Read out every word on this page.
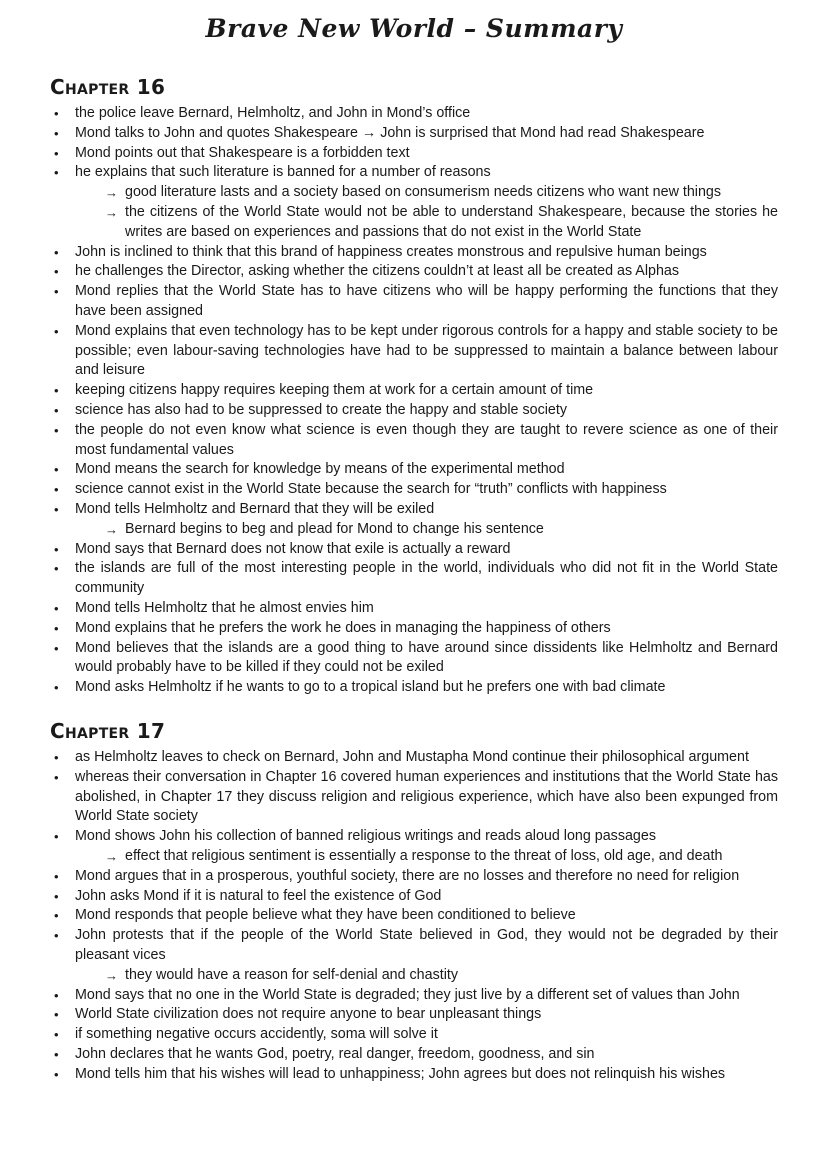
Brave New World – Summary
Chapter 16
• the police leave Bernard, Helmholtz, and John in Mond’s office
• Mond talks to John and quotes Shakespeare → John is surprised that Mond had read Shakespeare
• Mond points out that Shakespeare is a forbidden text
• he explains that such literature is banned for a number of reasons
→ good literature lasts and a society based on consumerism needs citizens who want new things
→ the citizens of the World State would not be able to understand Shakespeare, because the stories he writes are based on experiences and passions that do not exist in the World State
• John is inclined to think that this brand of happiness creates monstrous and repulsive human beings
• he challenges the Director, asking whether the citizens couldn’t at least all be created as Alphas
• Mond replies that the World State has to have citizens who will be happy performing the functions that they have been assigned
• Mond explains that even technology has to be kept under rigorous controls for a happy and stable society to be possible; even labour-saving technologies have had to be suppressed to maintain a balance between labour and leisure
• keeping citizens happy requires keeping them at work for a certain amount of time
• science has also had to be suppressed to create the happy and stable society
• the people do not even know what science is even though they are taught to revere science as one of their most fundamental values
• Mond means the search for knowledge by means of the experimental method
• science cannot exist in the World State because the search for “truth” conflicts with happiness
• Mond tells Helmholtz and Bernard that they will be exiled
→ Bernard begins to beg and plead for Mond to change his sentence
• Mond says that Bernard does not know that exile is actually a reward
• the islands are full of the most interesting people in the world, individuals who did not fit in the World State community
• Mond tells Helmholtz that he almost envies him
• Mond explains that he prefers the work he does in managing the happiness of others
• Mond believes that the islands are a good thing to have around since dissidents like Helmholtz and Bernard would probably have to be killed if they could not be exiled
• Mond asks Helmholtz if he wants to go to a tropical island but he prefers one with bad climate
Chapter 17
• as Helmholtz leaves to check on Bernard, John and Mustapha Mond continue their philosophical argument
• whereas their conversation in Chapter 16 covered human experiences and institutions that the World State has abolished, in Chapter 17 they discuss religion and religious experience, which have also been expunged from World State society
• Mond shows John his collection of banned religious writings and reads aloud long passages
→ effect that religious sentiment is essentially a response to the threat of loss, old age, and death
• Mond argues that in a prosperous, youthful society, there are no losses and therefore no need for religion
• John asks Mond if it is natural to feel the existence of God
• Mond responds that people believe what they have been conditioned to believe
• John protests that if the people of the World State believed in God, they would not be degraded by their pleasant vices
→ they would have a reason for self-denial and chastity
• Mond says that no one in the World State is degraded; they just live by a different set of values than John
• World State civilization does not require anyone to bear unpleasant things
• if something negative occurs accidently, soma will solve it
• John declares that he wants God, poetry, real danger, freedom, goodness, and sin
• Mond tells him that his wishes will lead to unhappiness; John agrees but does not relinquish his wishes
